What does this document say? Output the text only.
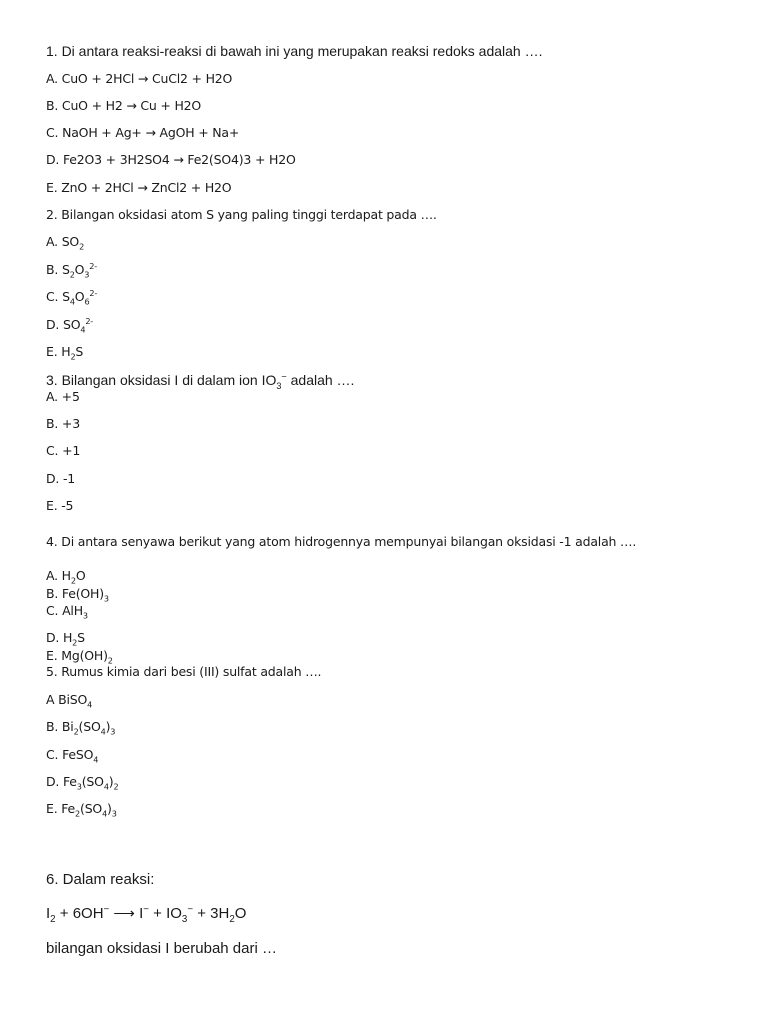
1. Di antara reaksi-reaksi di bawah ini yang merupakan reaksi redoks adalah ….
A. CuO + 2HCl → CuCl2 + H2O
B. CuO + H2 → Cu + H2O
C. NaOH + Ag+ → AgOH + Na+
D. Fe2O3 + 3H2SO4 → Fe2(SO4)3 + H2O
E. ZnO + 2HCl → ZnCl2 + H2O
2. Bilangan oksidasi atom S yang paling tinggi terdapat pada ….
A. $SO_2$
B. $S_2O_3^{2-}$
C. $S_4O_6^{2-}$
D. $SO_4^{2-}$
E. $H_2S$
3. Bilangan oksidasi I di dalam ion $IO_3^-$ adalah ….
A. +5
B. +3
C. +1
D. -1
E. -5
4. Di antara senyawa berikut yang atom hidrogennya mempunyai bilangan oksidasi -1 adalah ….
A. $H_2O$
B. $Fe(OH)_3$
C. AlH$_3$
D. $H_2S$
E. $Mg(OH)_2$
5. Rumus kimia dari besi (III) sulfat adalah ….
A BiSO$_4$
B. $Bi_2(SO_4)_3$
C. FeSO$_4$
D. $Fe_3(SO_4)_2$
E. $Fe_2(SO_4)_3$
6. Dalam reaksi:
$I_2 + 6OH^-$ ⟶ $I^- + IO_3^- + 3H_2O$
bilangan oksidasi I berubah dari …
